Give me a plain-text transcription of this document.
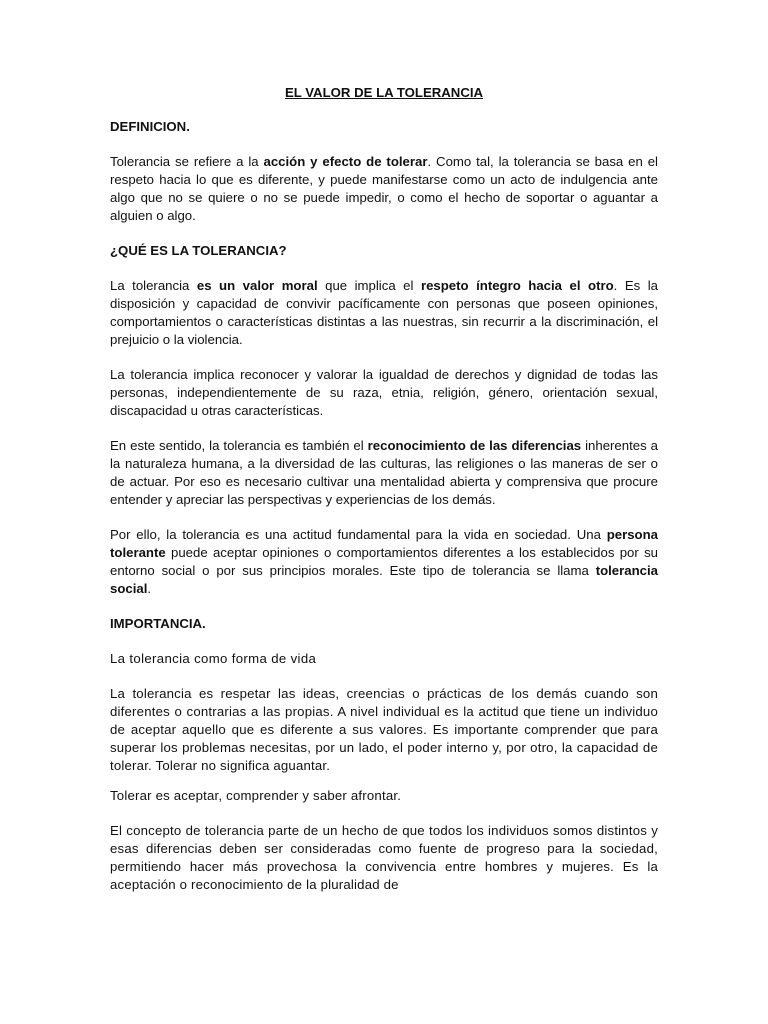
EL VALOR DE LA TOLERANCIA
DEFINICION.

Tolerancia se refiere a la acción y efecto de tolerar. Como tal, la tolerancia se basa en el respeto hacia lo que es diferente, y puede manifestarse como un acto de indulgencia ante algo que no se quiere o no se puede impedir, o como el hecho de soportar o aguantar a alguien o algo.

¿QUÉ ES LA TOLERANCIA?

La tolerancia es un valor moral que implica el respeto íntegro hacia el otro. Es la disposición y capacidad de convivir pacíficamente con personas que poseen opiniones, comportamientos o características distintas a las nuestras, sin recurrir a la discriminación, el prejuicio o la violencia.

La tolerancia implica reconocer y valorar la igualdad de derechos y dignidad de todas las personas, independientemente de su raza, etnia, religión, género, orientación sexual, discapacidad u otras características.

En este sentido, la tolerancia es también el reconocimiento de las diferencias inherentes a la naturaleza humana, a la diversidad de las culturas, las religiones o las maneras de ser o de actuar. Por eso es necesario cultivar una mentalidad abierta y comprensiva que procure entender y apreciar las perspectivas y experiencias de los demás.

Por ello, la tolerancia es una actitud fundamental para la vida en sociedad. Una persona tolerante puede aceptar opiniones o comportamientos diferentes a los establecidos por su entorno social o por sus principios morales. Este tipo de tolerancia se llama tolerancia social.

IMPORTANCIA.
La tolerancia como forma de vida

La tolerancia es respetar las ideas, creencias o prácticas de los demás cuando son diferentes o contrarias a las propias. A nivel individual es la actitud que tiene un individuo de aceptar aquello que es diferente a sus valores. Es importante comprender que para superar los problemas necesitas, por un lado, el poder interno y, por otro, la capacidad de tolerar. Tolerar no significa aguantar.

Tolerar es aceptar, comprender y saber afrontar.

El concepto de tolerancia parte de un hecho de que todos los individuos somos distintos y esas diferencias deben ser consideradas como fuente de progreso para la sociedad, permitiendo hacer más provechosa la convivencia entre hombres y mujeres. Es la aceptación o reconocimiento de la pluralidad de
